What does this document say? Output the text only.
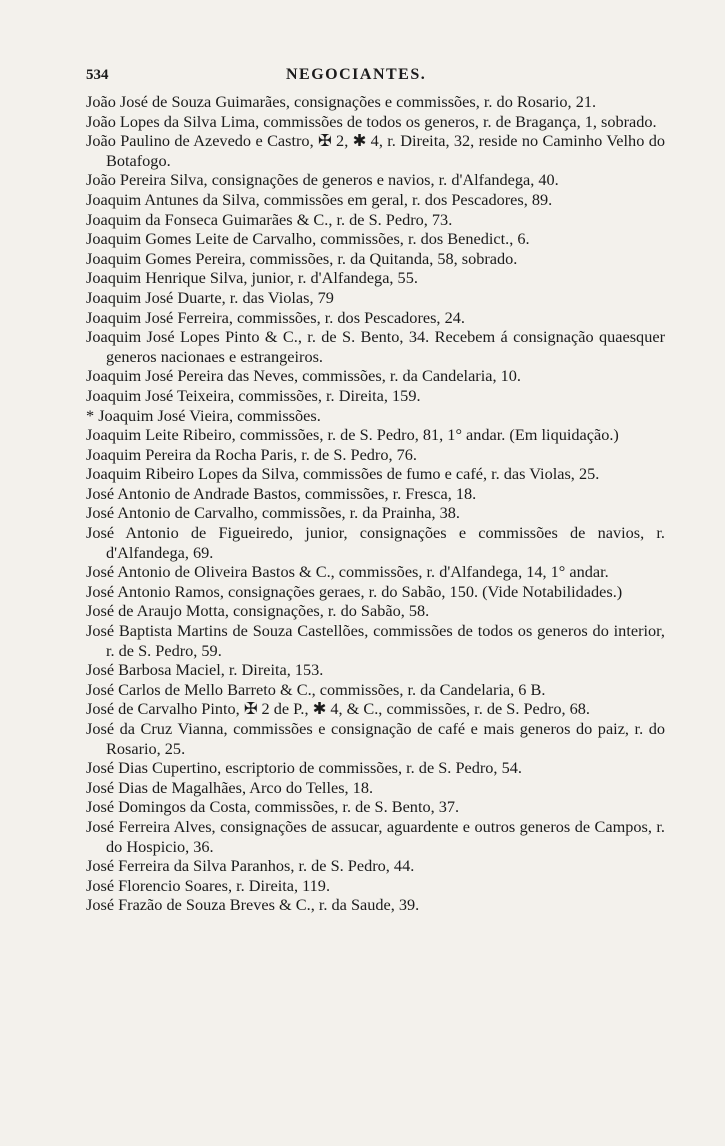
534	NEGOCIANTES.
João José de Souza Guimarães, consignações e commissões, r. do Rosario, 21.
João Lopes da Silva Lima, commissões de todos os generos, r. de Bragança, 1, sobrado.
João Paulino de Azevedo e Castro, ✠ 2, ✱ 4, r. Direita, 32, reside no Caminho Velho do Botafogo.
João Pereira Silva, consignações de generos e navios, r. d'Alfandega, 40.
Joaquim Antunes da Silva, commissões em geral, r. dos Pescadores, 89.
Joaquim da Fonseca Guimarães & C., r. de S. Pedro, 73.
Joaquim Gomes Leite de Carvalho, commissões, r. dos Benedict., 6.
Joaquim Gomes Pereira, commissões, r. da Quitanda, 58, sobrado.
Joaquim Henrique Silva, junior, r. d'Alfandega, 55.
Joaquim José Duarte, r. das Violas, 79
Joaquim José Ferreira, commissões, r. dos Pescadores, 24.
Joaquim José Lopes Pinto & C., r. de S. Bento, 34. Recebem á consignação quaesquer generos nacionaes e estrangeiros.
Joaquim José Pereira das Neves, commissões, r. da Candelaria, 10.
Joaquim José Teixeira, commissões, r. Direita, 159.
* Joaquim José Vieira, commissões.
Joaquim Leite Ribeiro, commissões, r. de S. Pedro, 81, 1° andar. (Em liquidação.)
Joaquim Pereira da Rocha Paris, r. de S. Pedro, 76.
Joaquim Ribeiro Lopes da Silva, commissões de fumo e café, r. das Violas, 25.
José Antonio de Andrade Bastos, commissões, r. Fresca, 18.
José Antonio de Carvalho, commissões, r. da Prainha, 38.
José Antonio de Figueiredo, junior, consignações e commissões de navios, r. d'Alfandega, 69.
José Antonio de Oliveira Bastos & C., commissões, r. d'Alfandega, 14, 1° andar.
José Antonio Ramos, consignações geraes, r. do Sabão, 150. (Vide Notabilidades.)
José de Araujo Motta, consignações, r. do Sabão, 58.
José Baptista Martins de Souza Castellões, commissões de todos os generos do interior, r. de S. Pedro, 59.
José Barbosa Maciel, r. Direita, 153.
José Carlos de Mello Barreto & C., commissões, r. da Candelaria, 6 B.
José de Carvalho Pinto, ✠ 2 de P., ✱ 4, & C., commissões, r. de S. Pedro, 68.
José da Cruz Vianna, commissões e consignação de café e mais generos do paiz, r. do Rosario, 25.
José Dias Cupertino, escriptorio de commissões, r. de S. Pedro, 54.
José Dias de Magalhães, Arco do Telles, 18.
José Domingos da Costa, commissões, r. de S. Bento, 37.
José Ferreira Alves, consignações de assucar, aguardente e outros generos de Campos, r. do Hospicio, 36.
José Ferreira da Silva Paranhos, r. de S. Pedro, 44.
José Florencio Soares, r. Direita, 119.
José Frazão de Souza Breves & C., r. da Saude, 39.
